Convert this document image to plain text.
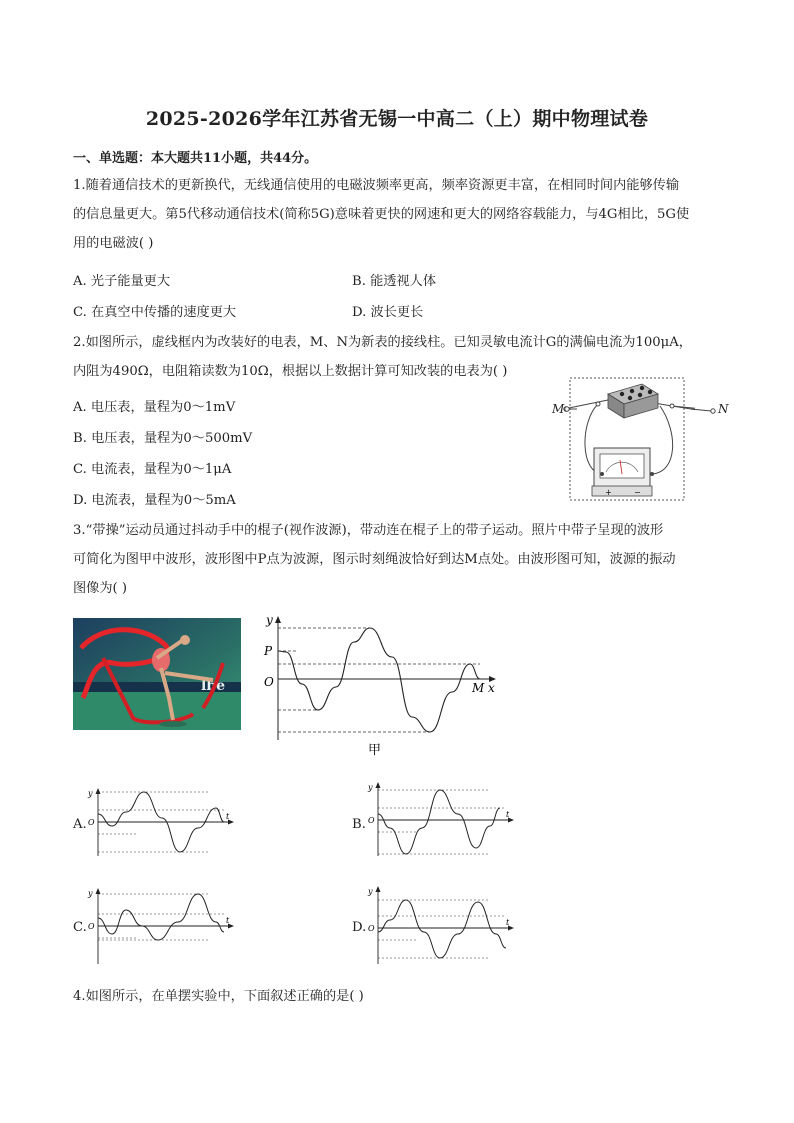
2025-2026学年江苏省无锡一中高二（上）期中物理试卷
一、单选题：本大题共11小题，共44分。
1.随着通信技术的更新换代，无线通信使用的电磁波频率更高，频率资源更丰富，在相同时间内能够传输
的信息量更大。第5代移动通信技术(简称5G)意味着更快的网速和更大的网络容载能力，与4G相比，5G使
用的电磁波( )
A. 光子能量更大	B. 能透视人体
C. 在真空中传播的速度更大	D. 波长更长
2.如图所示，虚线框内为改装好的电表，M、N为新表的接线柱。已知灵敏电流计G的满偏电流为100μA，
内阻为490Ω，电阻箱读数为10Ω，根据以上数据计算可知改装的电表为( )
A. 电压表，量程为0～1mV
B. 电压表，量程为0～500mV
C. 电流表，量程为0～1μA
D. 电流表，量程为0～5mA
+	−
M	N
3.“带操”运动员通过抖动手中的棍子(视作波源)，带动连在棍子上的带子运动。照片中带子呈现的波形
可简化为图甲中波形，波形图中P点为波源，图示时刻绳波恰好到达M点处。由波形图可知，波源的振动
图像为( )
lbe
y
x
P
O	M
甲
A.	B.
C.	D.
y
O
t
y
O
t
y
O
t
y
O
t
4.如图所示，在单摆实验中，下面叙述正确的是( )
